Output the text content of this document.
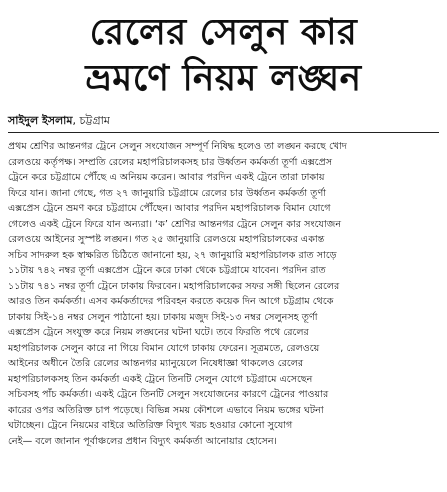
রেলের সেলুন কার
ভ্রমণে নিয়ম লঙ্ঘন
সাইদুল ইসলাম, চট্টগ্রাম
প্রথম শ্রেণির আন্তনগর ট্রেনে সেলুন সংযোজন সম্পূর্ণ নিষিদ্ধ হলেও তা লঙ্ঘন করছে খোদ
রেলওয়ে কর্তৃপক্ষ। সম্প্রতি রেলের মহাপরিচালকসহ চার উর্ধ্বতন কর্মকর্তা তূর্ণা এক্সপ্রেস
ট্রেনে করে চট্টগ্রামে পৌঁছে এ অনিয়ম করেন। আবার পরদিন একই ট্রেনে তারা ঢাকায়
ফিরে যান। জানা গেছে, গত ২৭ জানুয়ারি চট্টগ্রামে রেলের চার উর্ধ্বতন কর্মকর্তা তূর্ণা
এক্সপ্রেস ট্রেনে ভ্রমণ করে চট্টগ্রামে পৌঁছেন। আবার পরদিন মহাপরিচালক বিমান যোগে
গেলেও একই ট্রেনে ফিরে যান অন্যরা। ‘ক’ শ্রেণির আন্তনগর ট্রেনে সেলুন কার সংযোজন
রেলওয়ে আইনের সুস্পষ্ট লঙ্ঘন। গত ২৫ জানুয়ারি রেলওয়ে মহাপরিচালকের একান্ত
সচিব সাদরুল হক স্বাক্ষরিত চিঠিতে জানানো হয়, ২৭ জানুয়ারি মহাপরিচালক রাত সাড়ে
১১টায় ৭৪২ নম্বর তূর্ণা এক্সপ্রেস ট্রেনে করে ঢাকা থেকে চট্টগ্রামে যাবেন। পরদিন রাত
১১টায় ৭৪১ নম্বর তূর্ণা ট্রেনে ঢাকায় ফিরবেন। মহাপরিচালকের সফর সঙ্গী ছিলেন রেলের
আরও তিন কর্মকর্তা। এসব কর্মকর্তাদের পরিবহন করতে কয়েক দিন আগে চট্টগ্রাম থেকে
ঢাকায় সিই-১৪ নম্বর সেলুন পাঠানো হয়। ঢাকায় মজুদ সিই-১৩ নম্বর সেলুনসহ তূর্ণা
এক্সপ্রেস ট্রেনে সংযুক্ত করে নিয়ম লঙ্ঘনের ঘটনা ঘটে। তবে ফিরতি পথে রেলের
মহাপরিচালক সেলুন কারে না গিয়ে বিমান যোগে ঢাকায় ফেরেন। সূত্রমতে, রেলওয়ে
আইনের অধীনে তৈরি রেলের আন্তনগর ম্যানুয়েলে নিষেধাজ্ঞা থাকলেও রেলের
মহাপরিচালকসহ তিন কর্মকর্তা একই ট্রেনে তিনটি সেলুন যোগে চট্টগ্রামে এসেছেন
সচিবসহ পাঁচ কর্মকর্তা। একই ট্রেনে তিনটি সেলুন সংযোজনের কারণে ট্রেনের পাওয়ার
কারের ওপর অতিরিক্ত চাপ পড়েছে। বিভিন্ন সময় কৌশলে এভাবে নিয়ম ভঙ্গের ঘটনা
ঘটাচ্ছেন। ট্রেনে নিয়মের বাইরে অতিরিক্ত বিদ্যুৎ খরচ হওয়ার কোনো সুযোগ
নেই— বলে জানান পূর্বাঞ্চলের প্রধান বিদ্যুৎ কর্মকর্তা আনোয়ার হোসেন।
